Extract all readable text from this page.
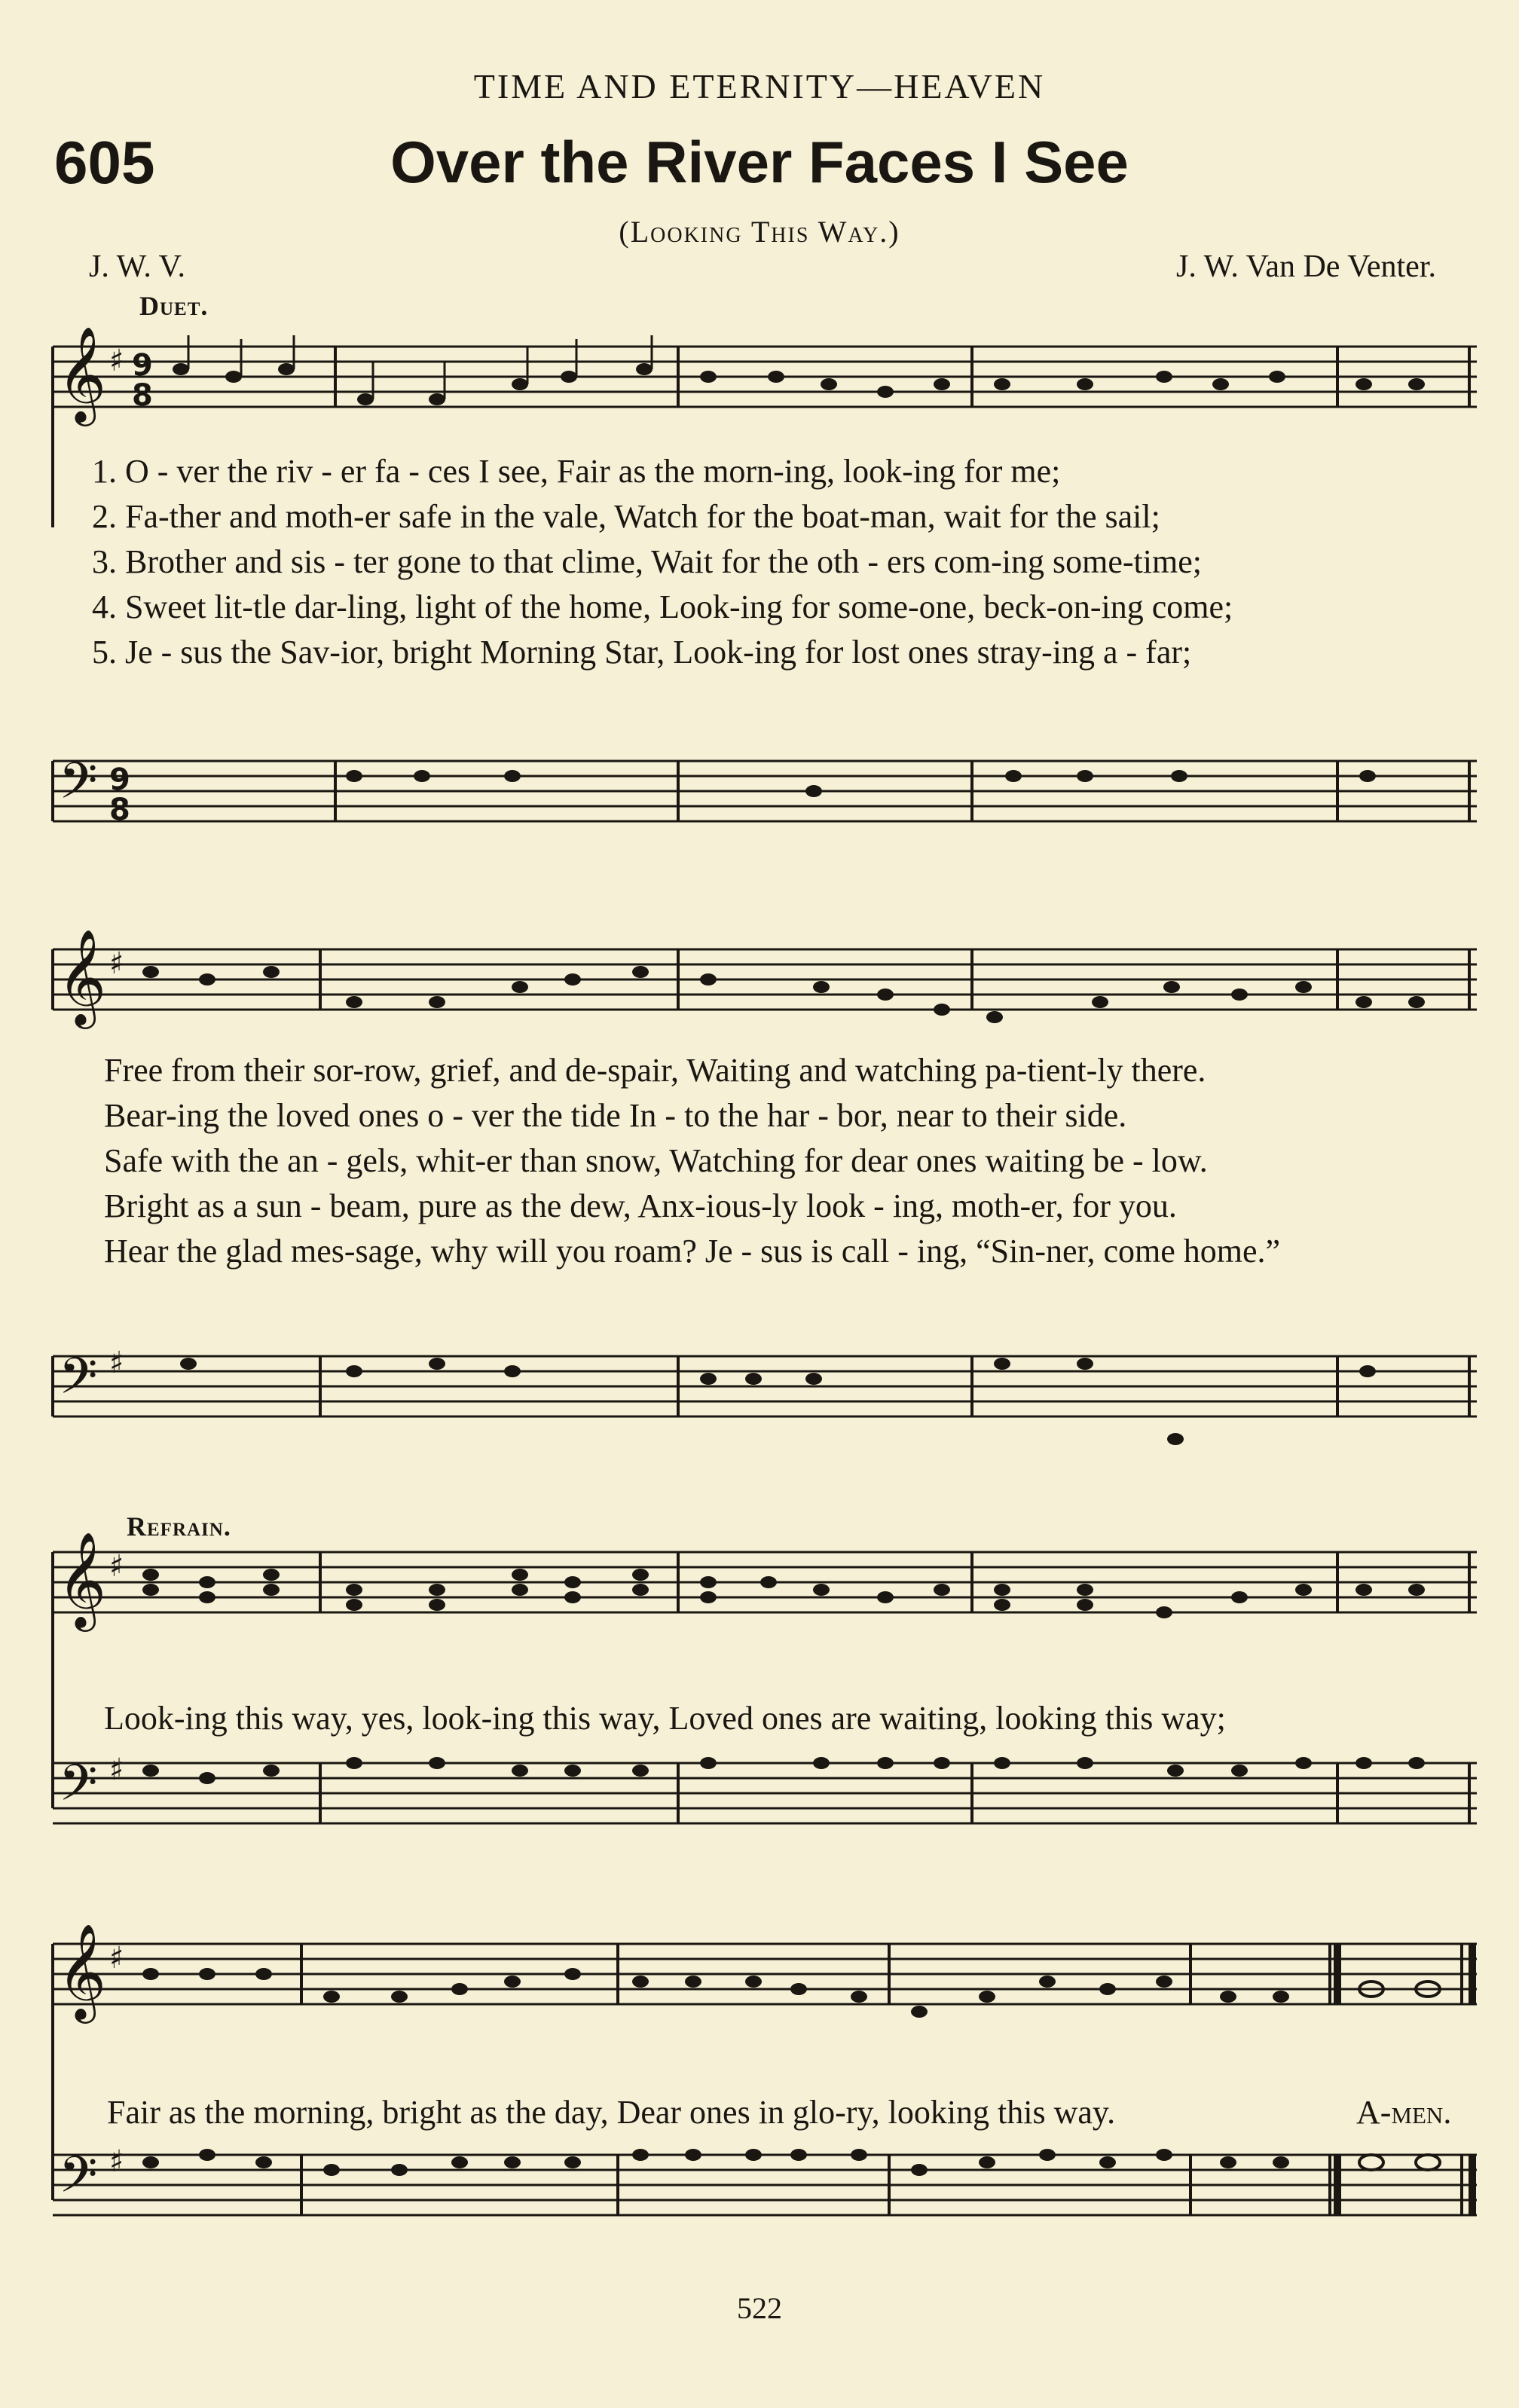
TIME AND ETERNITY—HEAVEN
605	Over the River Faces I See
(Looking This Way.)
J. W. V.	J. W. Van De Venter.
Duet.
𝄞 ♯ 9
8
1. O - ver the riv - er fa - ces I see, Fair as the morn-ing, look-ing for me;
2. Fa-ther and moth-er safe in the vale, Watch for the boat-man, wait for the sail;
3. Brother and sis - ter gone to that clime, Wait for the oth - ers com-ing some-time;
4. Sweet lit-tle dar-ling, light of the home, Look-ing for some-one, beck-on-ing come;
5. Je - sus the Sav-ior, bright Morning Star, Look-ing for lost ones stray-ing a - far;
𝄢 9
8
𝄞 ♯
Free from their sor-row, grief, and de-spair, Waiting and watching pa-tient-ly there.
Bear-ing the loved ones o - ver the tide In - to the har - bor, near to their side.
Safe with the an - gels, whit-er than snow, Watching for dear ones waiting be - low.
Bright as a sun - beam, pure as the dew, Anx-ious-ly look - ing, moth-er, for you.
Hear the glad mes-sage, why will you roam? Je - sus is call - ing, “Sin-ner, come home.”
𝄢 ♯
Refrain.
𝄞 ♯
Look-ing this way, yes, look-ing this way, Loved ones are waiting, looking this way;
𝄢 ♯
𝄞 ♯
Fair as the morning, bright as the day, Dear ones in glo-ry, looking this way.	A-men.
𝄢 ♯
522
